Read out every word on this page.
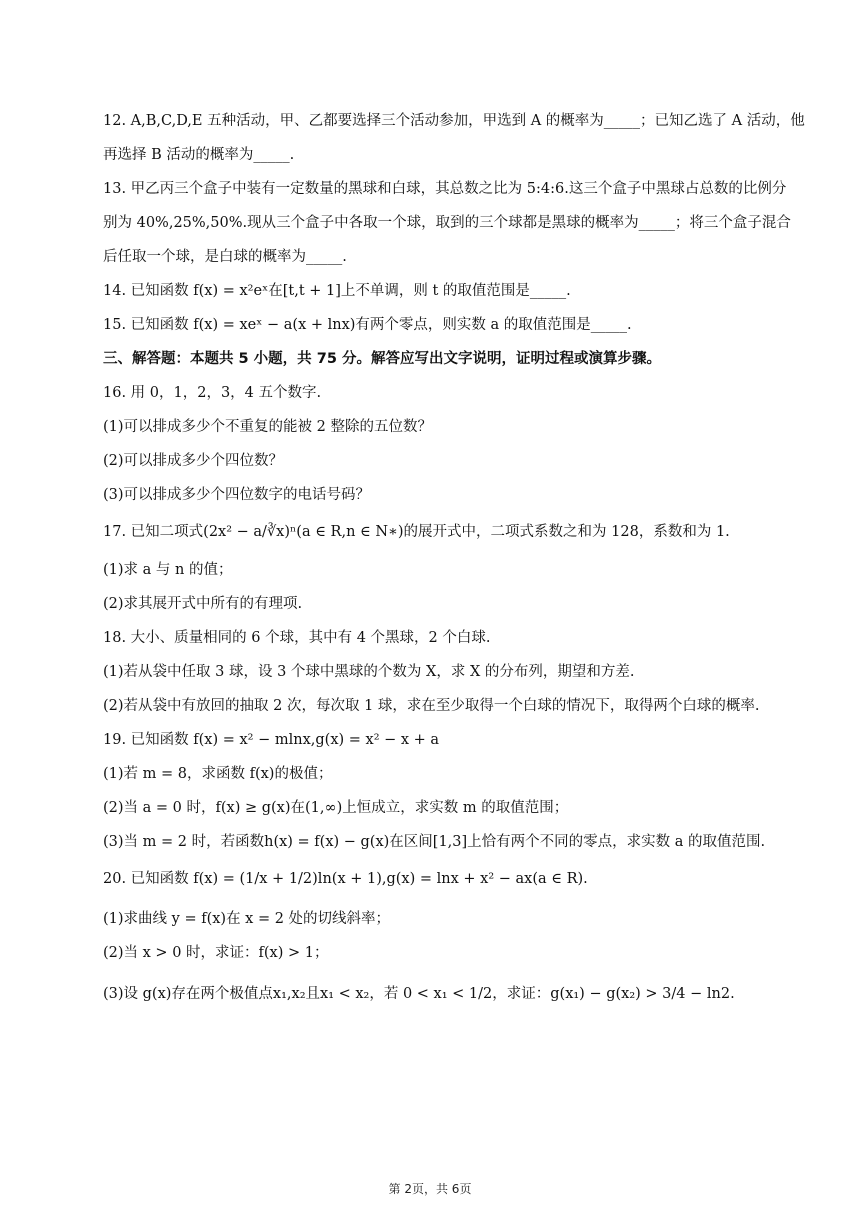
12. A,B,C,D,E 五种活动，甲、乙都要选择三个活动参加，甲选到 A 的概率为_____；已知乙选了 A 活动，他
再选择 B 活动的概率为_____.
13. 甲乙丙三个盒子中装有一定数量的黑球和白球，其总数之比为 5:4:6.这三个盒子中黑球占总数的比例分
别为 40%,25%,50%.现从三个盒子中各取一个球，取到的三个球都是黑球的概率为_____；将三个盒子混合
后任取一个球，是白球的概率为_____.
14. 已知函数 f(x) = x²eˣ在[t,t + 1]上不单调，则 t 的取值范围是_____.
15. 已知函数 f(x) = xeˣ − a(x + lnx)有两个零点，则实数 a 的取值范围是_____.
三、解答题：本题共 5 小题，共 75 分。解答应写出文字说明，证明过程或演算步骤。
16. 用 0，1，2，3，4 五个数字.
(1)可以排成多少个不重复的能被 2 整除的五位数？
(2)可以排成多少个四位数？
(3)可以排成多少个四位数字的电话号码？
17. 已知二项式(2x² − a/∛x)ⁿ(a ∈ R,n ∈ N∗)的展开式中，二项式系数之和为 128，系数和为 1.
(1)求 a 与 n 的值；
(2)求其展开式中所有的有理项.
18. 大小、质量相同的 6 个球，其中有 4 个黑球，2 个白球.
(1)若从袋中任取 3 球，设 3 个球中黑球的个数为 X，求 X 的分布列，期望和方差.
(2)若从袋中有放回的抽取 2 次，每次取 1 球，求在至少取得一个白球的情况下，取得两个白球的概率.
19. 已知函数 f(x) = x² − mlnx,g(x) = x² − x + a
(1)若 m = 8，求函数 f(x)的极值；
(2)当 a = 0 时，f(x) ≥ g(x)在(1,∞)上恒成立，求实数 m 的取值范围；
(3)当 m = 2 时，若函数h(x) = f(x) − g(x)在区间[1,3]上恰有两个不同的零点，求实数 a 的取值范围.
20. 已知函数 f(x) = (1/x + 1/2)ln(x + 1),g(x) = lnx + x² − ax(a ∈ R).
(1)求曲线 y = f(x)在 x = 2 处的切线斜率；
(2)当 x > 0 时，求证：f(x) > 1；
(3)设 g(x)存在两个极值点x₁,x₂且x₁ < x₂，若 0 < x₁ < 1/2，求证：g(x₁) − g(x₂) > 3/4 − ln2.
第 2页，共 6页
